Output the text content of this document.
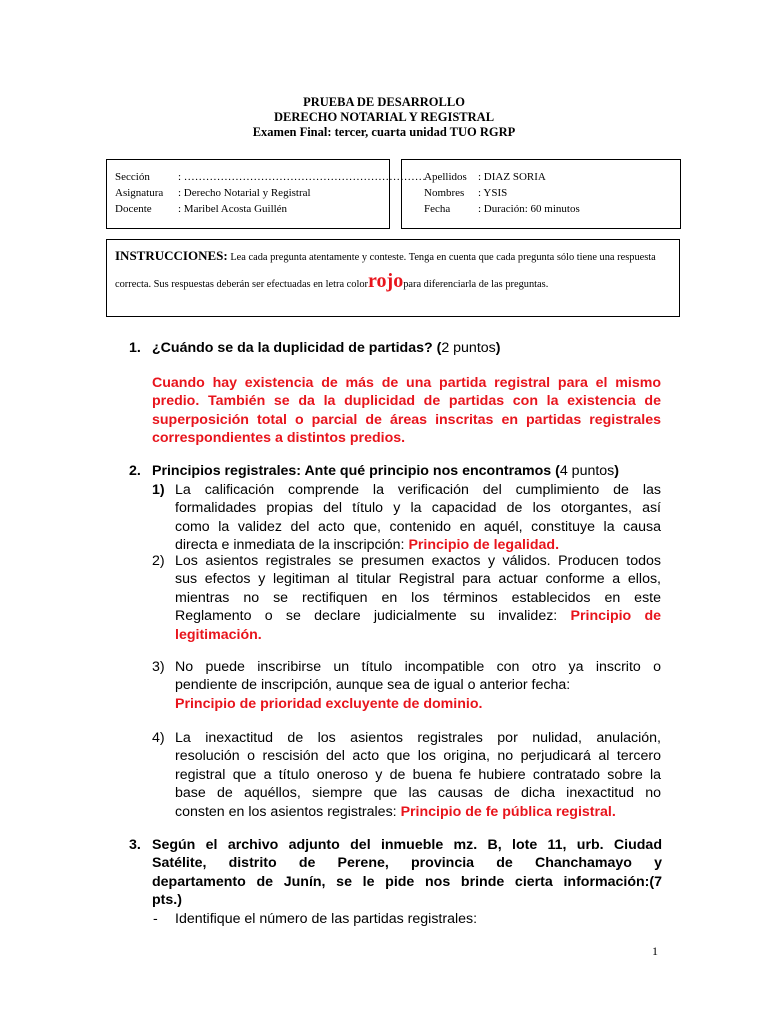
PRUEBA DE DESARROLLO
DERECHO NOTARIAL Y REGISTRAL
Examen Final: tercer, cuarta unidad TUO RGRP
Sección	: …………………………………………………………
Asignatura : Derecho Notarial y Registral
Docente : Maribel Acosta Guillén
Apellidos : DIAZ SORIA
Nombres : YSIS
Fecha	: Duración: 60 minutos
INSTRUCCIONES: Lea cada pregunta atentamente y conteste. Tenga en cuenta que cada pregunta sólo tiene una respuesta
correcta. Sus respuestas deberán ser efectuadas en letra colorrojopara diferenciarla de las preguntas.
1. ¿Cuándo se da la duplicidad de partidas? (2 puntos)
Cuando hay existencia de más de una partida registral para el mismo
predio. También se da la duplicidad de partidas con la existencia de
superposición total o parcial de áreas inscritas en partidas registrales
correspondientes a distintos predios.
2. Principios registrales: Ante qué principio nos encontramos (4 puntos)
1) La calificación comprende la verificación del cumplimiento de las
formalidades propias del título y la capacidad de los otorgantes, así
como la validez del acto que, contenido en aquél, constituye la causa
directa e inmediata de la inscripción: Principio de legalidad.
2) Los asientos registrales se presumen exactos y válidos. Producen todos
sus efectos y legitiman al titular Registral para actuar conforme a ellos,
mientras no se rectifiquen en los términos establecidos en este
Reglamento o se declare judicialmente su invalidez: Principio de
legitimación.
3) No puede inscribirse un título incompatible con otro ya inscrito o
pendiente de inscripción, aunque sea de igual o anterior fecha:
Principio de prioridad excluyente de dominio.
4) La inexactitud de los asientos registrales por nulidad, anulación,
resolución o rescisión del acto que los origina, no perjudicará al tercero
registral que a título oneroso y de buena fe hubiere contratado sobre la
base de aquéllos, siempre que las causas de dicha inexactitud no
consten en los asientos registrales: Principio de fe pública registral.
3. Según el archivo adjunto del inmueble mz. B, lote 11, urb. Ciudad
Satélite, distrito de Perene, provincia de Chanchamayo y
departamento de Junín, se le pide nos brinde cierta información:(7
pts.)
- Identifique el número de las partidas registrales:
1
